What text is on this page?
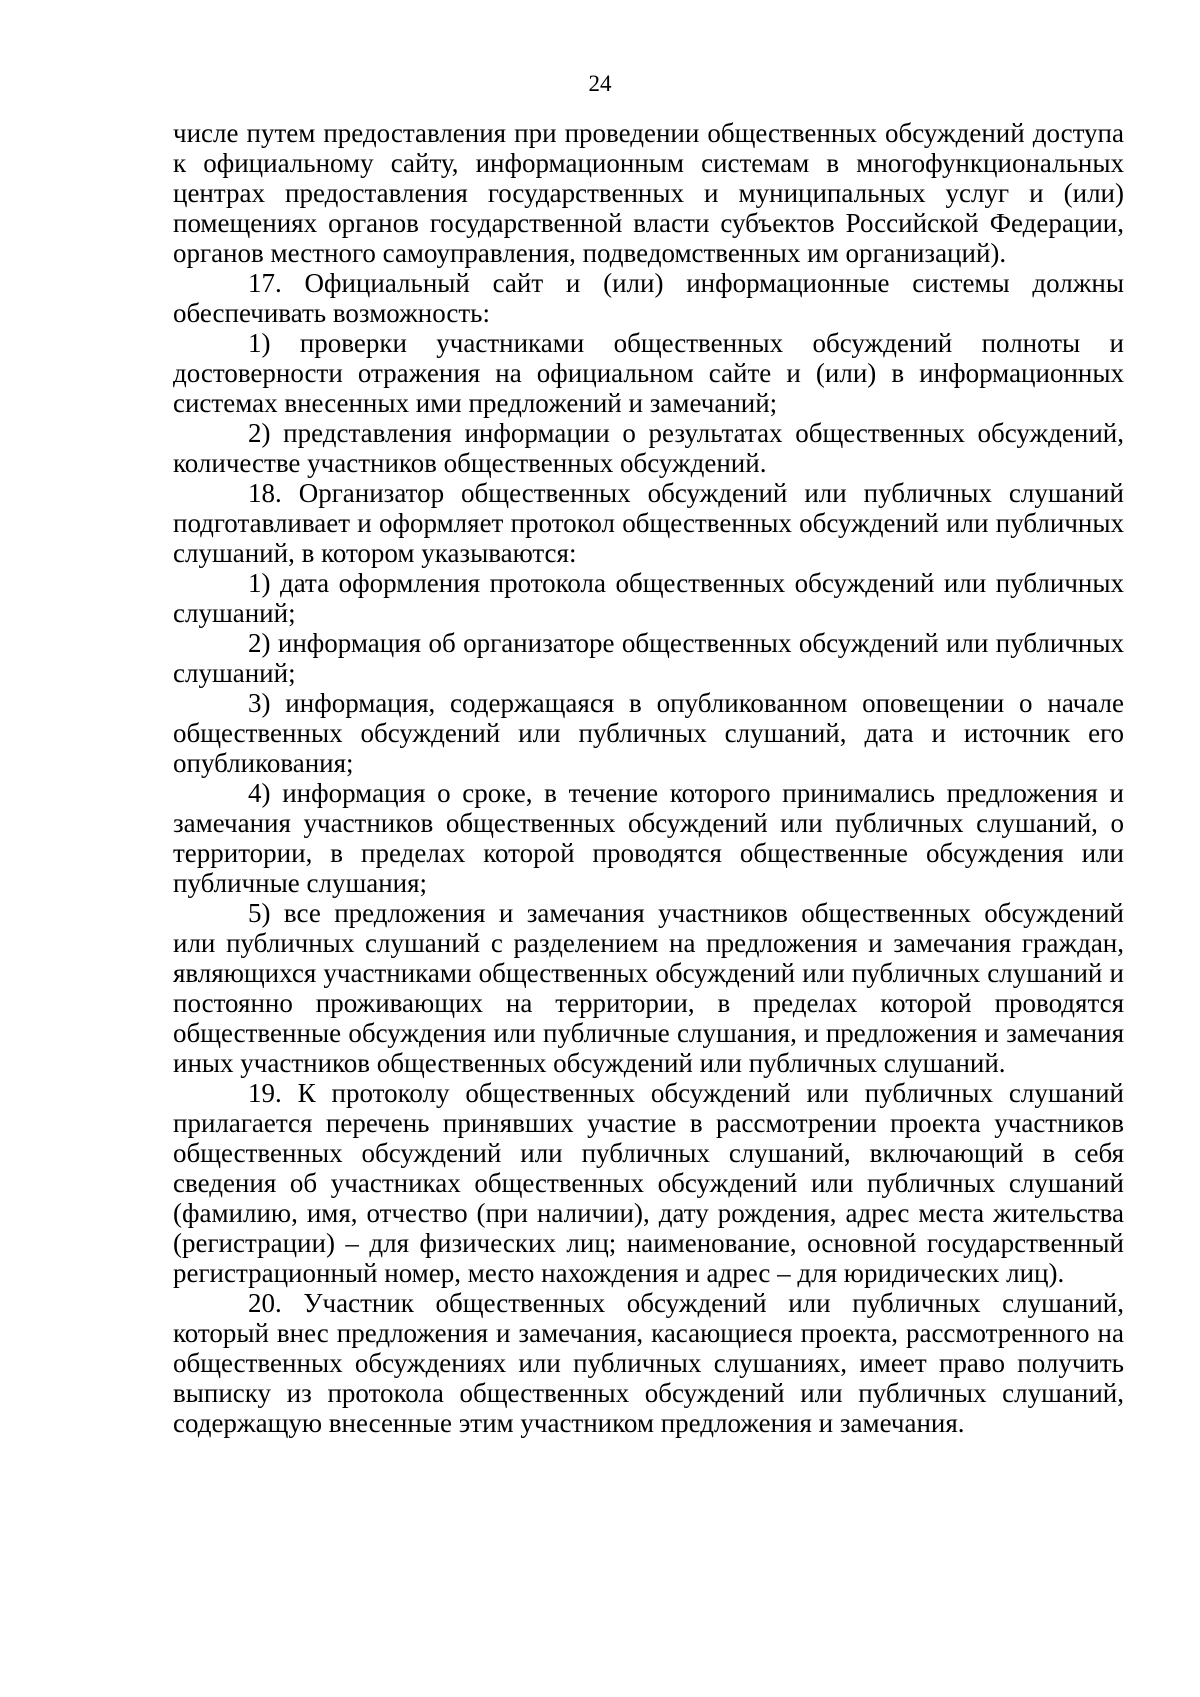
24

числе путем предоставления при проведении общественных обсуждений доступа к официальному сайту, информационным системам в многофункциональных центрах предоставления государственных и муниципальных услуг и (или) помещениях органов государственной власти субъектов Российской Федерации, органов местного самоуправления, подведомственных им организаций).

17. Официальный сайт и (или) информационные системы должны обеспечивать возможность:

1) проверки участниками общественных обсуждений полноты и достоверности отражения на официальном сайте и (или) в информационных системах внесенных ими предложений и замечаний;

2) представления информации о результатах общественных обсуждений, количестве участников общественных обсуждений.

18. Организатор общественных обсуждений или публичных слушаний подготавливает и оформляет протокол общественных обсуждений или публичных слушаний, в котором указываются:

1) дата оформления протокола общественных обсуждений или публичных слушаний;

2) информация об организаторе общественных обсуждений или публичных слушаний;

3) информация, содержащаяся в опубликованном оповещении о начале общественных обсуждений или публичных слушаний, дата и источник его опубликования;

4) информация о сроке, в течение которого принимались предложения и замечания участников общественных обсуждений или публичных слушаний, о территории, в пределах которой проводятся общественные обсуждения или публичные слушания;

5) все предложения и замечания участников общественных обсуждений или публичных слушаний с разделением на предложения и замечания граждан, являющихся участниками общественных обсуждений или публичных слушаний и постоянно проживающих на территории, в пределах которой проводятся общественные обсуждения или публичные слушания, и предложения и замечания иных участников общественных обсуждений или публичных слушаний.

19. К протоколу общественных обсуждений или публичных слушаний прилагается перечень принявших участие в рассмотрении проекта участников общественных обсуждений или публичных слушаний, включающий в себя сведения об участниках общественных обсуждений или публичных слушаний (фамилию, имя, отчество (при наличии), дату рождения, адрес места жительства (регистрации) – для физических лиц; наименование, основной государственный регистрационный номер, место нахождения и адрес – для юридических лиц).

20. Участник общественных обсуждений или публичных слушаний, который внес предложения и замечания, касающиеся проекта, рассмотренного на общественных обсуждениях или публичных слушаниях, имеет право получить выписку из протокола общественных обсуждений или публичных слушаний, содержащую внесенные этим участником предложения и замечания.
